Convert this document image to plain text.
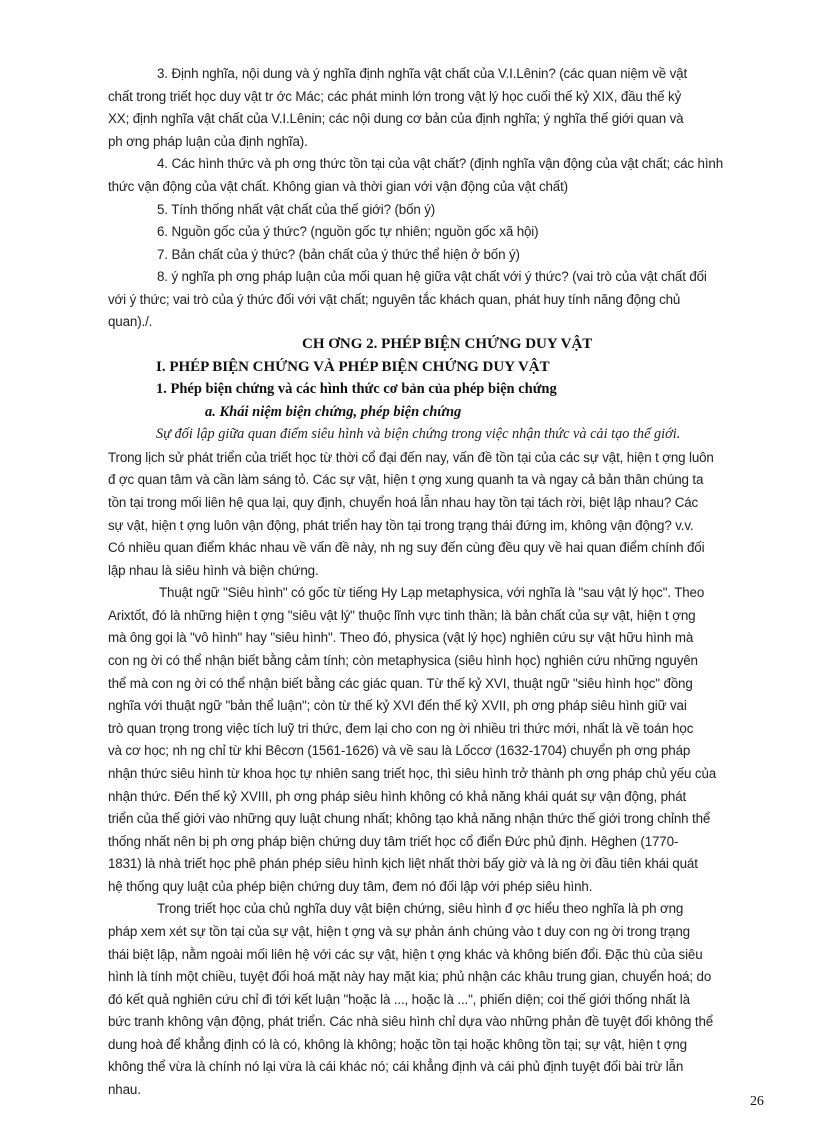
3. Định nghĩa, nội dung và ý nghĩa định nghĩa vật chất của V.I.Lênin? (các quan niệm về vật
chất trong triết học duy vật tr ớc Mác; các phát minh lớn trong vật lý học cuối thế kỷ XIX, đầu thế kỷ
XX; định nghĩa vật chất của V.I.Lênin; các nội dung cơ bản của định nghĩa; ý nghĩa thế giới quan và
ph ơng pháp luận của định nghĩa).
4. Các hình thức và ph ơng thức tồn tại của vật chất? (định nghĩa vận động của vật chất; các hình
thức vận động của vật chất. Không gian và thời gian với vận động của vật chất)
5. Tính thống nhất vật chất của thế giới? (bốn ý)
6. Nguồn gốc của ý thức? (nguồn gốc tự nhiên; nguồn gốc xã hội)
7. Bản chất của ý thức? (bản chất của ý thức thể hiện ở bốn ý)
8. ý nghĩa ph ơng pháp luận của mối quan hệ giữa vật chất với ý thức? (vai trò của vật chất đối
với ý thức; vai trò của ý thức đối với vật chất; nguyên tắc khách quan, phát huy tính năng động chủ
quan)./.
CH ƠNG 2. PHÉP BIỆN CHỨNG DUY VẬT
I. PHÉP BIỆN CHỨNG VÀ PHÉP BIỆN CHỨNG DUY VẬT
1. Phép biện chứng và các hình thức cơ bản của phép biện chứng
a. Khái niệm biện chứng, phép biện chứng
Sự đối lập giữa quan điểm siêu hình và biện chứng trong việc nhận thức và cải tạo thế giới.
Trong lịch sử phát triển của triết học từ thời cổ đại đến nay, vấn đề tồn tại của các sự vật, hiện t ợng luôn
đ ợc quan tâm và cần làm sáng tỏ. Các sự vật, hiện t ợng xung quanh ta và ngay cả bản thân chúng ta
tồn tại trong mối liên hệ qua lại, quy định, chuyển hoá lẫn nhau hay tồn tại tách rời, biệt lập nhau? Các
sự vật, hiện t ợng luôn vận động, phát triển hay tồn tại trong trạng thái đứng im, không vận động? v.v.
Có nhiều quan điểm khác nhau về vấn đề này, nh ng suy đến cùng đều quy về hai quan điểm chính đối
lập nhau là siêu hình và biện chứng.
Thuật ngữ "Siêu hình" có gốc từ tiếng Hy Lạp metaphysica, với nghĩa là "sau vật lý học". Theo
Arixtốt, đó là những hiện t ợng "siêu vật lý" thuộc lĩnh vực tinh thần; là bản chất của sự vật, hiện t ợng
mà ông gọi là "vô hình" hay "siêu hình". Theo đó, physica (vật lý học) nghiên cứu sự vật hữu hình mà
con ng ời có thể nhận biết bằng cảm tính; còn metaphysica (siêu hình học) nghiên cứu những nguyên
thể mà con ng ời có thể nhận biết bằng các giác quan. Từ thế kỷ XVI, thuật ngữ "siêu hình học" đồng
nghĩa với thuật ngữ "bản thể luận"; còn từ thế kỷ XVI đến thế kỷ XVII, ph ơng pháp siêu hình giữ vai
trò quan trọng trong việc tích luỹ tri thức, đem lại cho con ng ời nhiều tri thức mới, nhất là về toán học
và cơ học; nh ng chỉ từ khi Bêcơn (1561-1626) và về sau là Lốccơ (1632-1704) chuyển ph ơng pháp
nhận thức siêu hình từ khoa học tự nhiên sang triết học, thì siêu hình trở thành ph ơng pháp chủ yếu của
nhận thức. Đến thế kỷ XVIII, ph ơng pháp siêu hình không có khả năng khái quát sự vận động, phát
triển của thế giới vào những quy luật chung nhất; không tạo khả năng nhận thức thế giới trong chỉnh thể
thống nhất nên bị ph ơng pháp biện chứng duy tâm triết học cổ điển Đức phủ định. Hêghen (1770-
1831) là nhà triết học phê phán phép siêu hình kịch liệt nhất thời bấy giờ và là ng ời đầu tiên khái quát
hệ thống quy luật của phép biện chứng duy tâm, đem nó đối lập với phép siêu hình.
Trong triết học của chủ nghĩa duy vật biện chứng, siêu hình đ ợc hiểu theo nghĩa là ph ơng
pháp xem xét sự tồn tại của sự vật, hiện t ợng và sự phản ánh chúng vào t duy con ng ời trong trạng
thái biệt lập, nằm ngoài mối liên hệ với các sự vật, hiện t ợng khác và không biến đổi. Đặc thù của siêu
hình là tính một chiều, tuyệt đối hoá mặt này hay mặt kia; phủ nhận các khâu trung gian, chuyển hoá; do
đó kết quả nghiên cứu chỉ đi tới kết luận "hoặc là ..., hoặc là ...", phiến diện; coi thế giới thống nhất là
bức tranh không vận động, phát triển. Các nhà siêu hình chỉ dựa vào những phản đề tuyệt đối không thể
dung hoà để khẳng định có là có, không là không; hoặc tồn tại hoặc không tồn tại; sự vật, hiện t ợng
26
không thể vừa là chính nó lại vừa là cái khác nó; cái khẳng định và cái phủ định tuyệt đối bài trừ lẫn
nhau.
